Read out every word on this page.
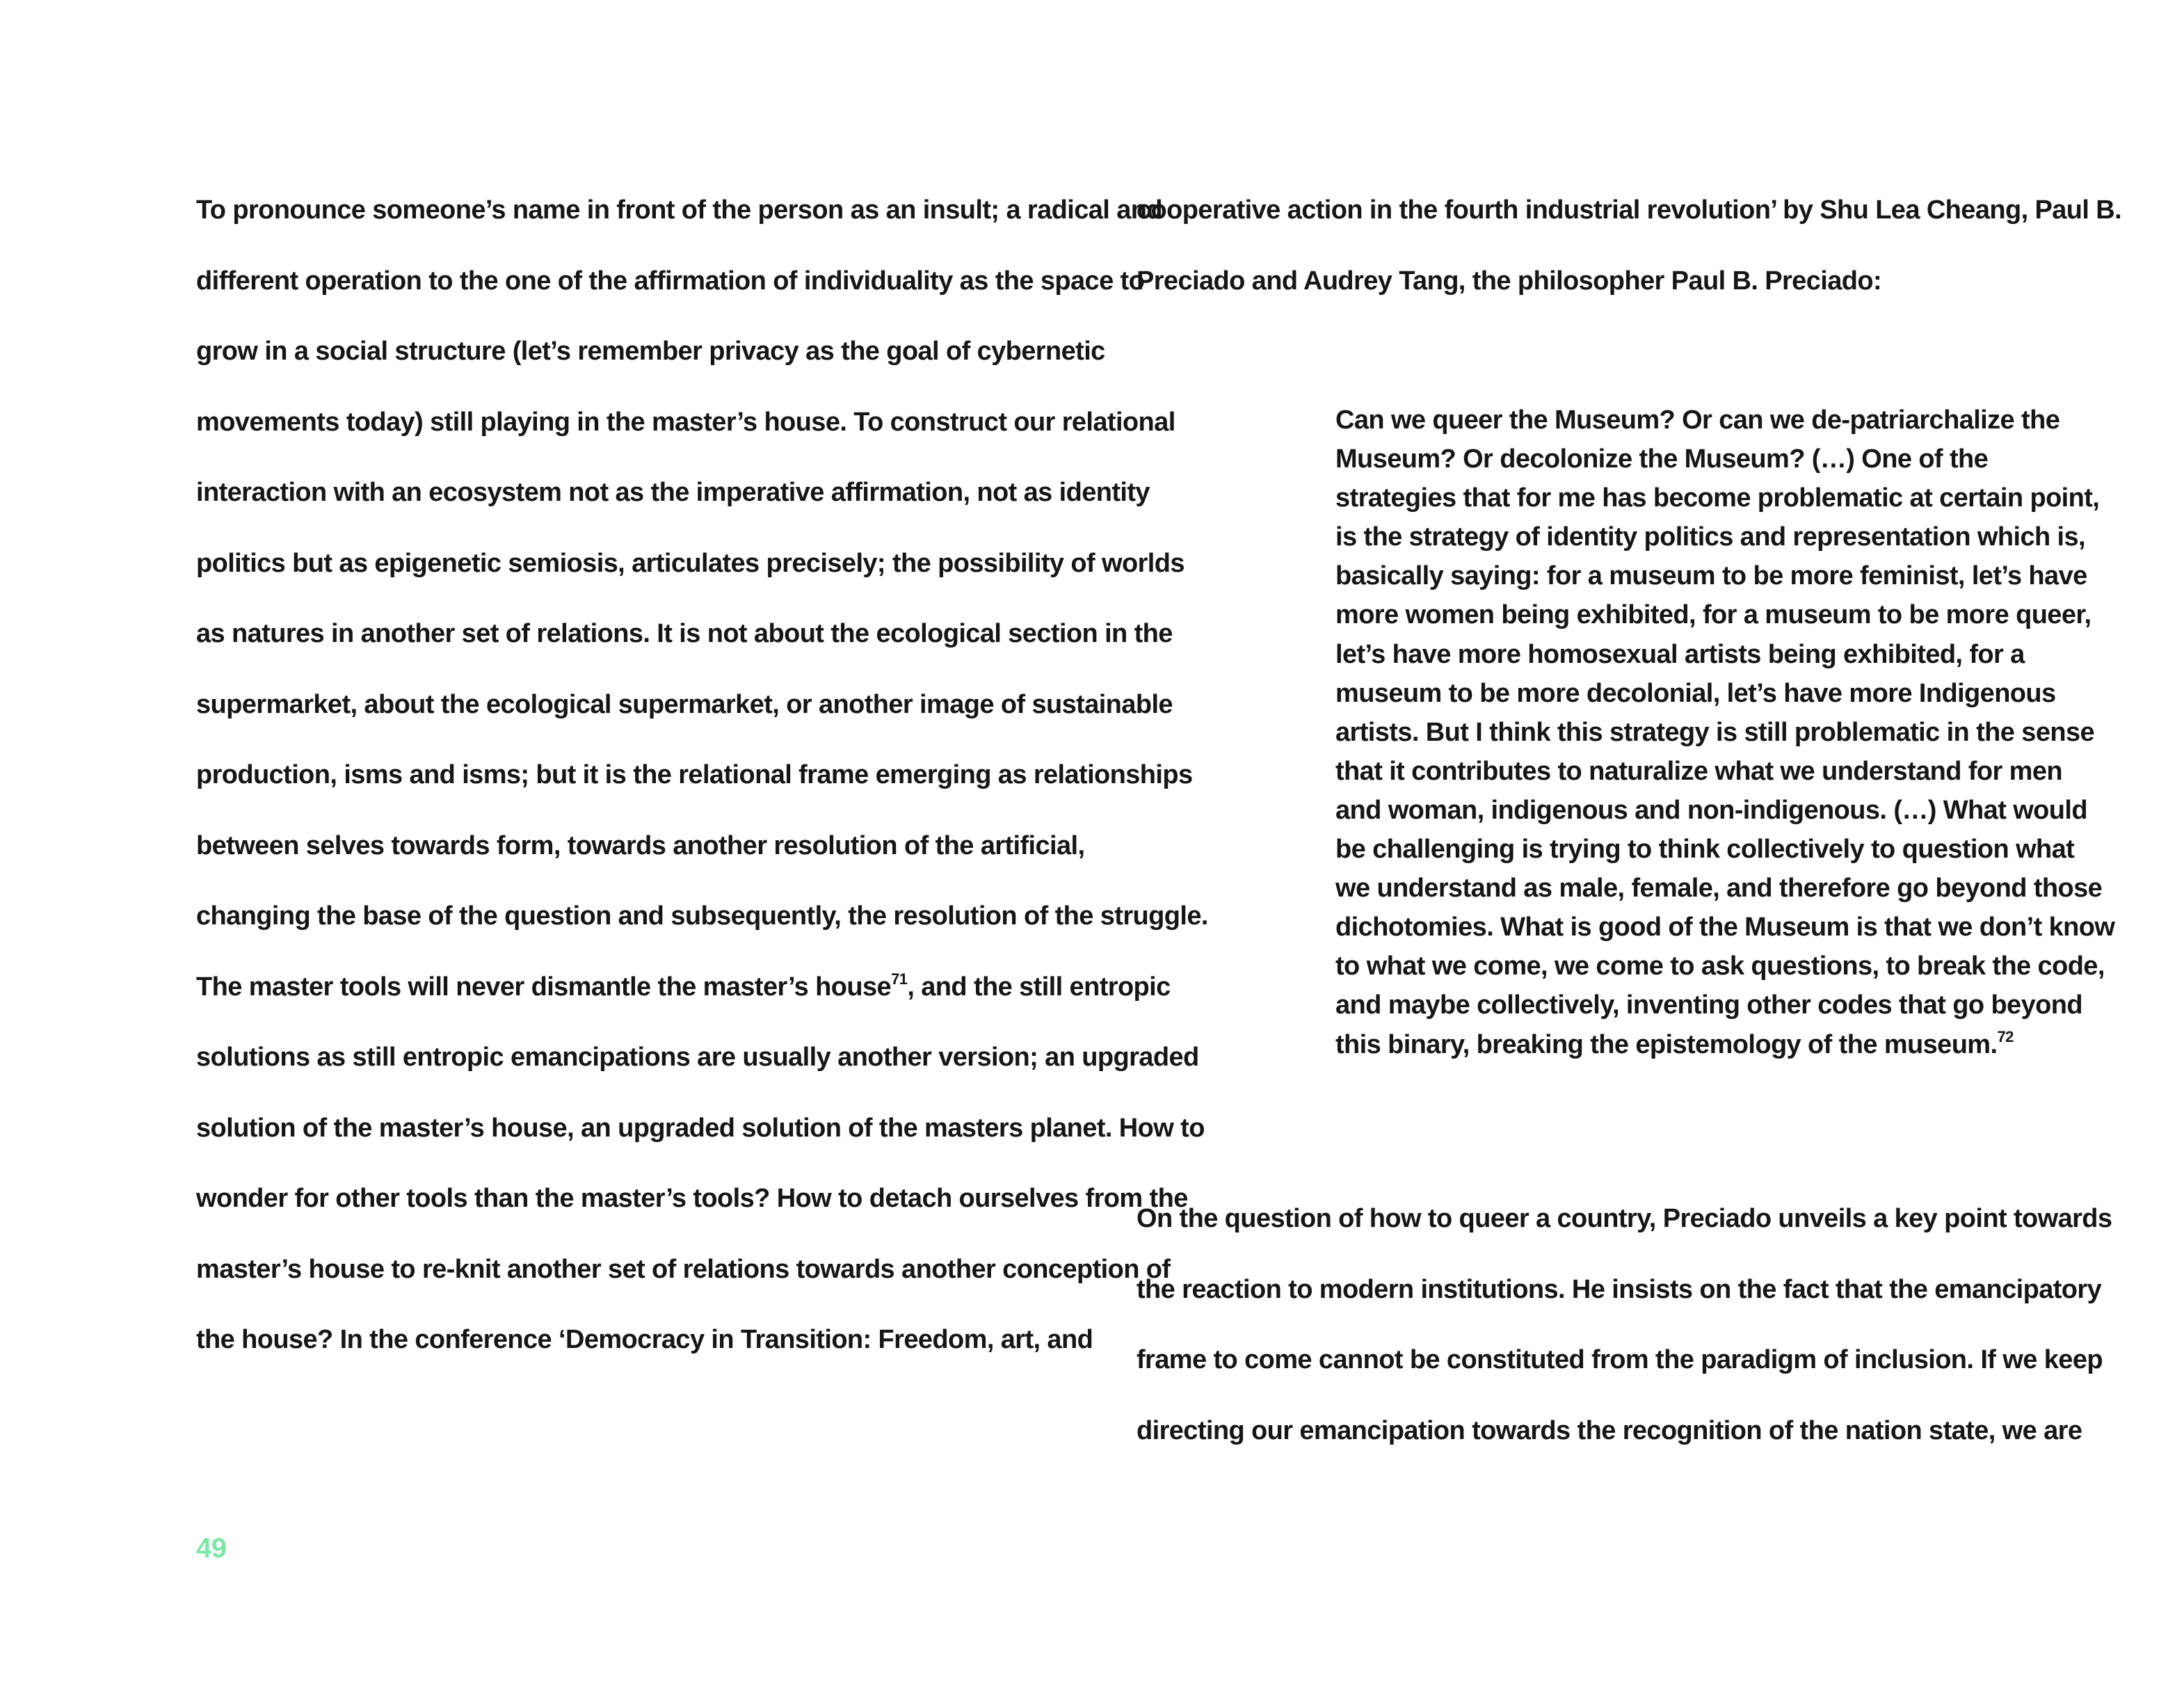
To pronounce someone’s name in front of the person as an insult; a radical and
different operation to the one of the affirmation of individuality as the space to
grow in a social structure (let’s remember privacy as the goal of cybernetic
movements today) still playing in the master’s house. To construct our relational
interaction with an ecosystem not as the imperative affirmation, not as identity
politics but as epigenetic semiosis, articulates precisely; the possibility of worlds
as natures in another set of relations. It is not about the ecological section in the
supermarket, about the ecological supermarket, or another image of sustainable
production, isms and isms; but it is the relational frame emerging as relationships
between selves towards form, towards another resolution of the artificial,
changing the base of the question and subsequently, the resolution of the struggle.
The master tools will never dismantle the master’s house$^{71}$, and the still entropic
solutions as still entropic emancipations are usually another version; an upgraded
solution of the master’s house, an upgraded solution of the masters planet. How to
wonder for other tools than the master’s tools? How to detach ourselves from the
master’s house to re-knit another set of relations towards another conception of
the house? In the conference ‘Democracy in Transition: Freedom, art, and
cooperative action in the fourth industrial revolution’ by Shu Lea Cheang, Paul B.
Preciado and Audrey Tang, the philosopher Paul B. Preciado:
Can we queer the Museum? Or can we de-patriarchalize the
Museum? Or decolonize the Museum? (…) One of the
strategies that for me has become problematic at certain point,
is the strategy of identity politics and representation which is,
basically saying: for a museum to be more feminist, let’s have
more women being exhibited, for a museum to be more queer,
let’s have more homosexual artists being exhibited, for a
museum to be more decolonial, let’s have more Indigenous
artists. But I think this strategy is still problematic in the sense
that it contributes to naturalize what we understand for men
and woman, indigenous and non-indigenous. (…) What would
be challenging is trying to think collectively to question what
we understand as male, female, and therefore go beyond those
dichotomies. What is good of the Museum is that we don’t know
to what we come, we come to ask questions, to break the code,
and maybe collectively, inventing other codes that go beyond
this binary, breaking the epistemology of the museum.$^{72}$
On the question of how to queer a country, Preciado unveils a key point towards
the reaction to modern institutions. He insists on the fact that the emancipatory
frame to come cannot be constituted from the paradigm of inclusion. If we keep
directing our emancipation towards the recognition of the nation state, we are
49
